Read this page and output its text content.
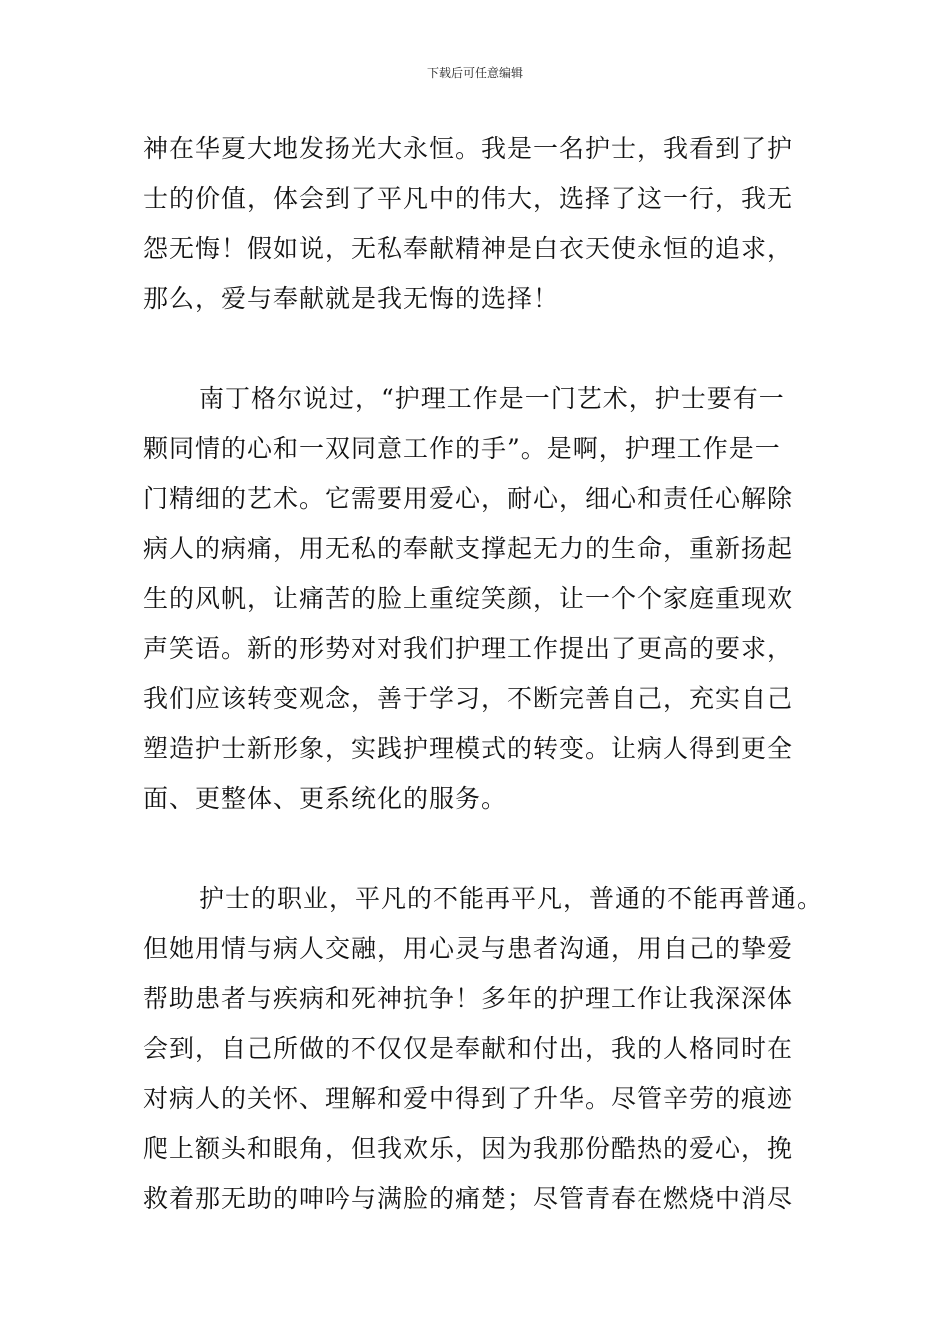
下载后可任意编辑
神在华夏大地发扬光大永恒。我是一名护士，我看到了护
士的价值，体会到了平凡中的伟大，选择了这一行，我无
怨无悔！假如说，无私奉献精神是白衣天使永恒的追求，
那么，爱与奉献就是我无悔的选择！
南丁格尔说过，“护理工作是一门艺术，护士要有一
颗同情的心和一双同意工作的手”。是啊，护理工作是一
门精细的艺术。它需要用爱心，耐心，细心和责任心解除
病人的病痛，用无私的奉献支撑起无力的生命，重新扬起
生的风帆，让痛苦的脸上重绽笑颜，让一个个家庭重现欢
声笑语。新的形势对对我们护理工作提出了更高的要求，
我们应该转变观念，善于学习，不断完善自己，充实自己
塑造护士新形象，实践护理模式的转变。让病人得到更全
面、更整体、更系统化的服务。
护士的职业，平凡的不能再平凡，普通的不能再普通。
但她用情与病人交融，用心灵与患者沟通，用自己的挚爱
帮助患者与疾病和死神抗争！多年的护理工作让我深深体
会到，自己所做的不仅仅是奉献和付出，我的人格同时在
对病人的关怀、理解和爱中得到了升华。尽管辛劳的痕迹
爬上额头和眼角，但我欢乐，因为我那份酷热的爱心，挽
救着那无助的呻吟与满脸的痛楚；尽管青春在燃烧中消尽
